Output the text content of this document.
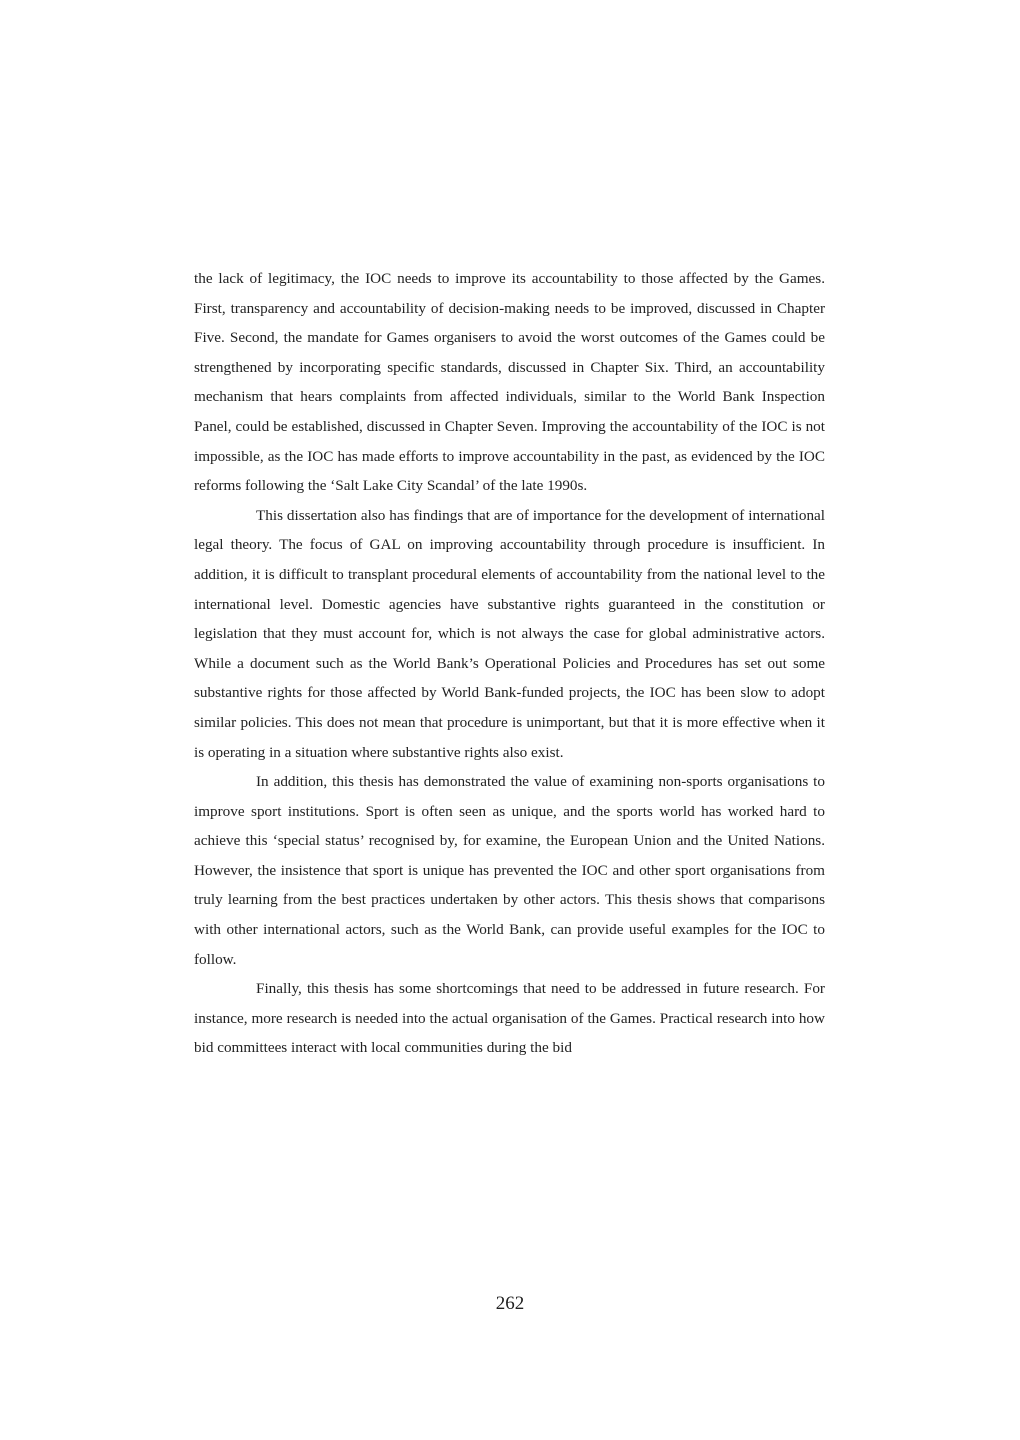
the lack of legitimacy, the IOC needs to improve its accountability to those affected by the Games. First, transparency and accountability of decision-making needs to be improved, discussed in Chapter Five. Second, the mandate for Games organisers to avoid the worst outcomes of the Games could be strengthened by incorporating specific standards, discussed in Chapter Six. Third, an accountability mechanism that hears complaints from affected individuals, similar to the World Bank Inspection Panel, could be established, discussed in Chapter Seven. Improving the accountability of the IOC is not impossible, as the IOC has made efforts to improve accountability in the past, as evidenced by the IOC reforms following the ‘Salt Lake City Scandal’ of the late 1990s.

This dissertation also has findings that are of importance for the development of international legal theory. The focus of GAL on improving accountability through procedure is insufficient. In addition, it is difficult to transplant procedural elements of accountability from the national level to the international level. Domestic agencies have substantive rights guaranteed in the constitution or legislation that they must account for, which is not always the case for global administrative actors. While a document such as the World Bank’s Operational Policies and Procedures has set out some substantive rights for those affected by World Bank-funded projects, the IOC has been slow to adopt similar policies. This does not mean that procedure is unimportant, but that it is more effective when it is operating in a situation where substantive rights also exist.

In addition, this thesis has demonstrated the value of examining non-sports organisations to improve sport institutions. Sport is often seen as unique, and the sports world has worked hard to achieve this ‘special status’ recognised by, for examine, the European Union and the United Nations. However, the insistence that sport is unique has prevented the IOC and other sport organisations from truly learning from the best practices undertaken by other actors. This thesis shows that comparisons with other international actors, such as the World Bank, can provide useful examples for the IOC to follow.

Finally, this thesis has some shortcomings that need to be addressed in future research. For instance, more research is needed into the actual organisation of the Games. Practical research into how bid committees interact with local communities during the bid

262
